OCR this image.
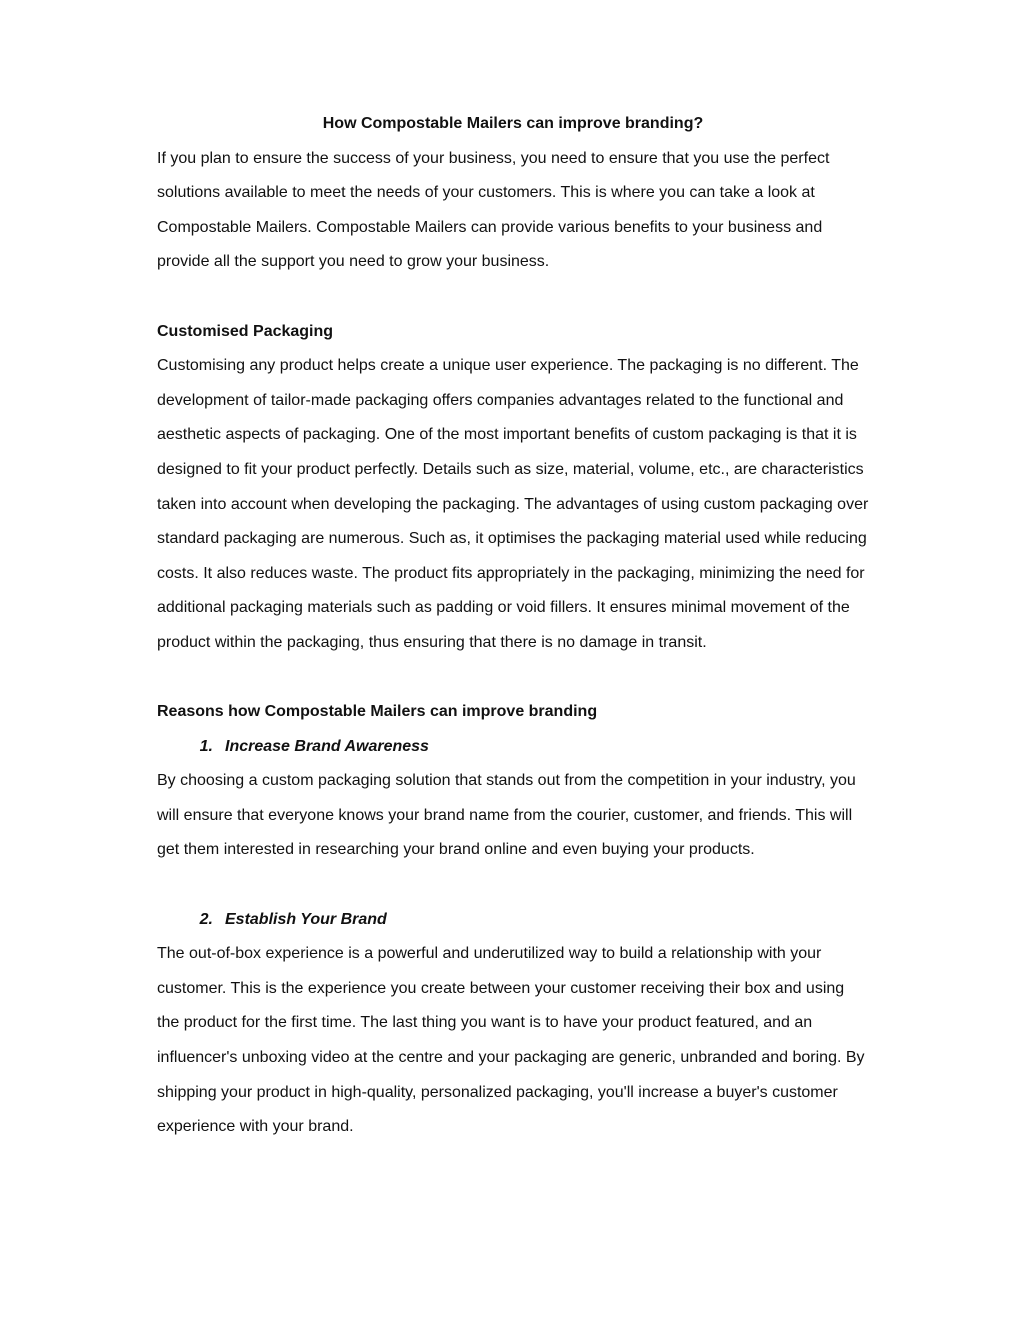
How Compostable Mailers can improve branding?

If you plan to ensure the success of your business, you need to ensure that you use the perfect solutions available to meet the needs of your customers. This is where you can take a look at Compostable Mailers. Compostable Mailers can provide various benefits to your business and provide all the support you need to grow your business.

Customised Packaging

Customising any product helps create a unique user experience. The packaging is no different. The development of tailor-made packaging offers companies advantages related to the functional and aesthetic aspects of packaging. One of the most important benefits of custom packaging is that it is designed to fit your product perfectly. Details such as size, material, volume, etc., are characteristics taken into account when developing the packaging. The advantages of using custom packaging over standard packaging are numerous. Such as, it optimises the packaging material used while reducing costs. It also reduces waste. The product fits appropriately in the packaging, minimizing the need for additional packaging materials such as padding or void fillers. It ensures minimal movement of the product within the packaging, thus ensuring that there is no damage in transit.

Reasons how Compostable Mailers can improve branding

1. Increase Brand Awareness

By choosing a custom packaging solution that stands out from the competition in your industry, you will ensure that everyone knows your brand name from the courier, customer, and friends. This will get them interested in researching your brand online and even buying your products.

2. Establish Your Brand

The out-of-box experience is a powerful and underutilized way to build a relationship with your customer. This is the experience you create between your customer receiving their box and using the product for the first time. The last thing you want is to have your product featured, and an influencer's unboxing video at the centre and your packaging are generic, unbranded and boring. By shipping your product in high-quality, personalized packaging, you'll increase a buyer's customer experience with your brand.
